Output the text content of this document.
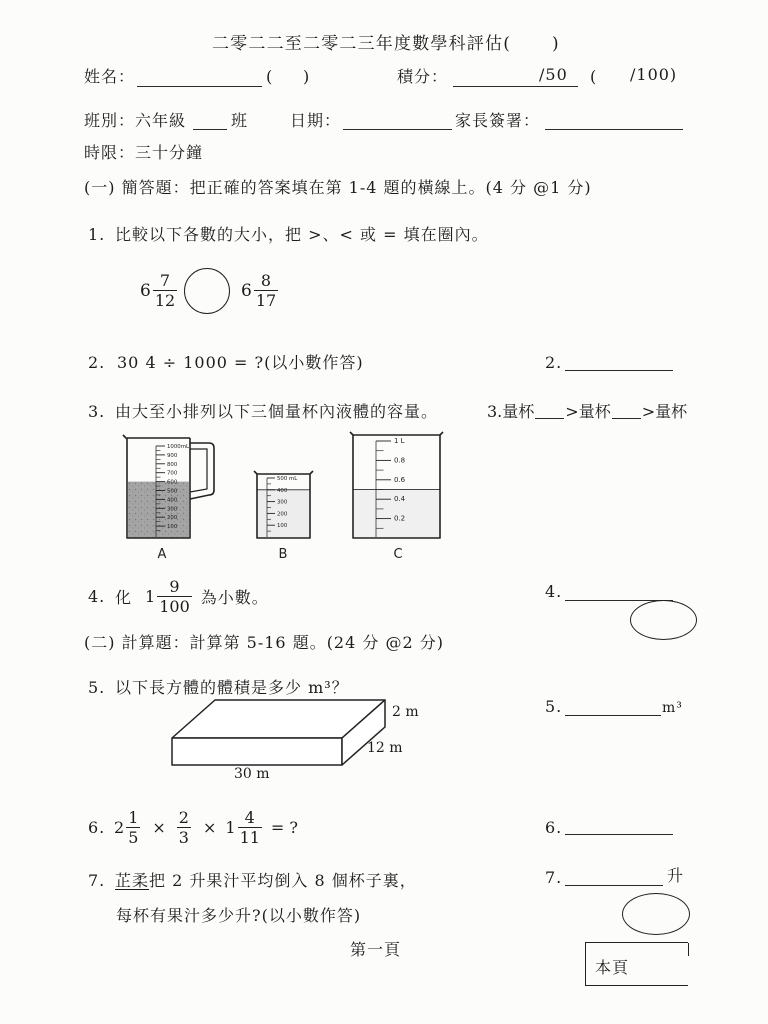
二零二二至二零二三年度數學科評估( )
姓名：	( )	積分：	/50 ( /100)
班別：六年級	班	日期：	家長簽署：
時限：三十分鐘
(一) 簡答題：把正確的答案填在第 1-4 題的橫線上。(4 分 @1 分)
1. 比較以下各數的大小，把 >、< 或 = 填在圈內。
$6 \frac{7}{12}$	$6 \frac{8}{17}$
2. 30 4 ÷ 1000 = ?(以小數作答)	2.
3. 由大至小排列以下三個量杯內液體的容量。	3.量杯 >量杯 >量杯
1000mL
900
800
700
600
500
400
300
200
100
A
500 mL
400
300
200
100
B
1 L
0.8
0.6
0.4
0.2
C
4. 化 $1 \frac{9}{100}$ 為小數。	4.
(二) 計算題：計算第 5-16 題。(24 分 @2 分)
5. 以下長方體的體積是多少 m³？
5.	m³
2 m
12 m
30 m
6. $2 \frac{1}{5} \times \frac{2}{3} \times 1 \frac{4}{11}$ = ?	6.
7. 芷柔把 2 升果汁平均倒入 8 個杯子裏，
每杯有果汁多少升?(以小數作答)
7.	升
第一頁
本頁
